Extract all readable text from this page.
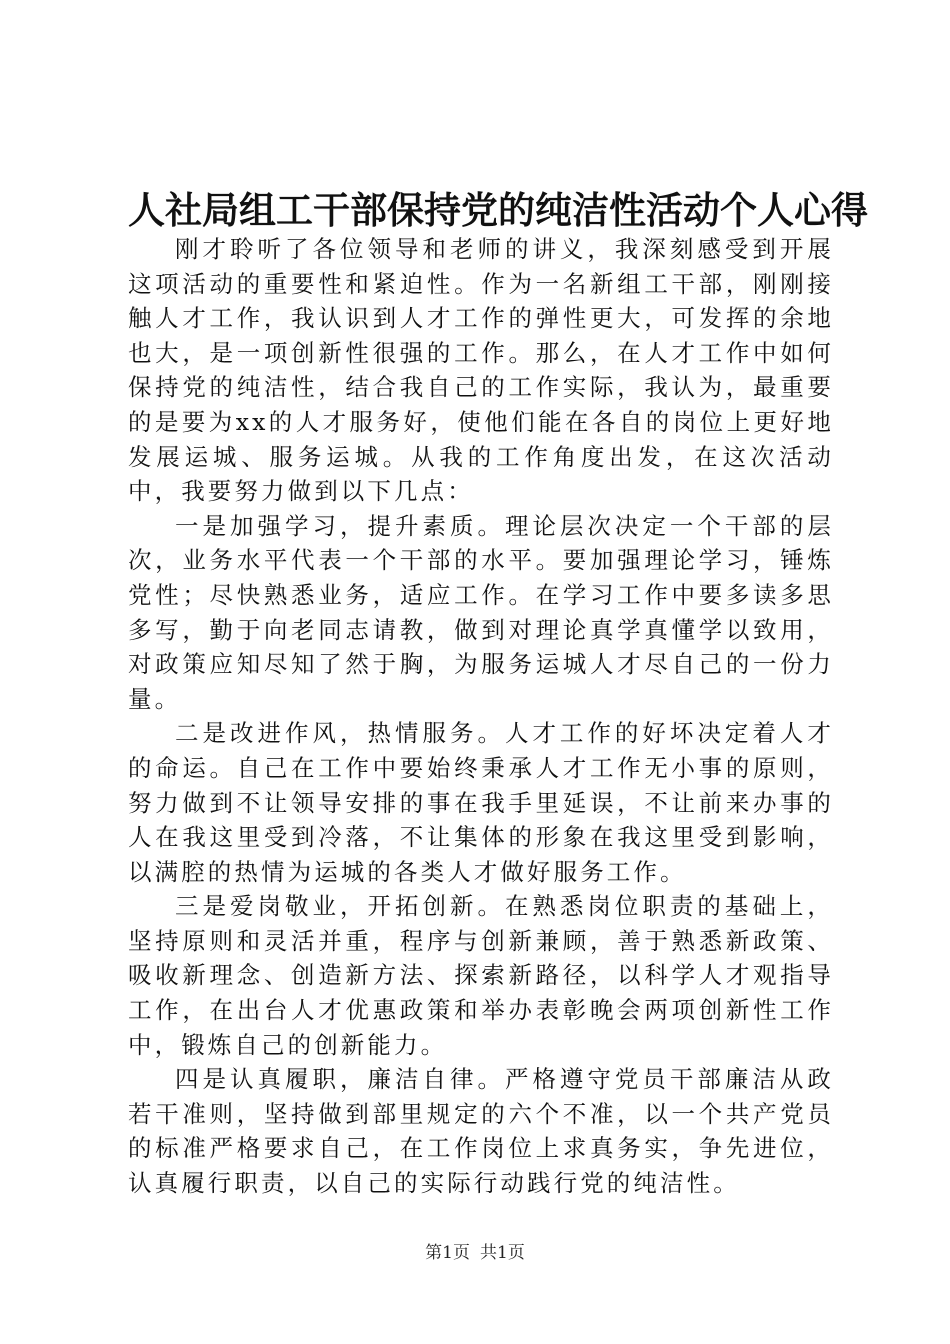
人社局组工干部保持党的纯洁性活动个人心得

刚才聆听了各位领导和老师的讲义，我深刻感受到开展这项活动的重要性和紧迫性。作为一名新组工干部，刚刚接触人才工作，我认识到人才工作的弹性更大，可发挥的余地也大，是一项创新性很强的工作。那么，在人才工作中如何保持党的纯洁性，结合我自己的工作实际，我认为，最重要的是要为xx的人才服务好，使他们能在各自的岗位上更好地发展运城、服务运城。从我的工作角度出发，在这次活动中，我要努力做到以下几点：

一是加强学习，提升素质。理论层次决定一个干部的层次，业务水平代表一个干部的水平。要加强理论学习，锤炼党性；尽快熟悉业务，适应工作。在学习工作中要多读多思多写，勤于向老同志请教，做到对理论真学真懂学以致用，对政策应知尽知了然于胸，为服务运城人才尽自己的一份力量。

二是改进作风，热情服务。人才工作的好坏决定着人才的命运。自己在工作中要始终秉承人才工作无小事的原则，努力做到不让领导安排的事在我手里延误，不让前来办事的人在我这里受到冷落，不让集体的形象在我这里受到影响，以满腔的热情为运城的各类人才做好服务工作。

三是爱岗敬业，开拓创新。在熟悉岗位职责的基础上，坚持原则和灵活并重，程序与创新兼顾，善于熟悉新政策、吸收新理念、创造新方法、探索新路径，以科学人才观指导工作，在出台人才优惠政策和举办表彰晚会两项创新性工作中，锻炼自己的创新能力。

四是认真履职，廉洁自律。严格遵守党员干部廉洁从政若干准则，坚持做到部里规定的六个不准，以一个共产党员的标准严格要求自己，在工作岗位上求真务实，争先进位，认真履行职责，以自己的实际行动践行党的纯洁性。

第1页 共1页
